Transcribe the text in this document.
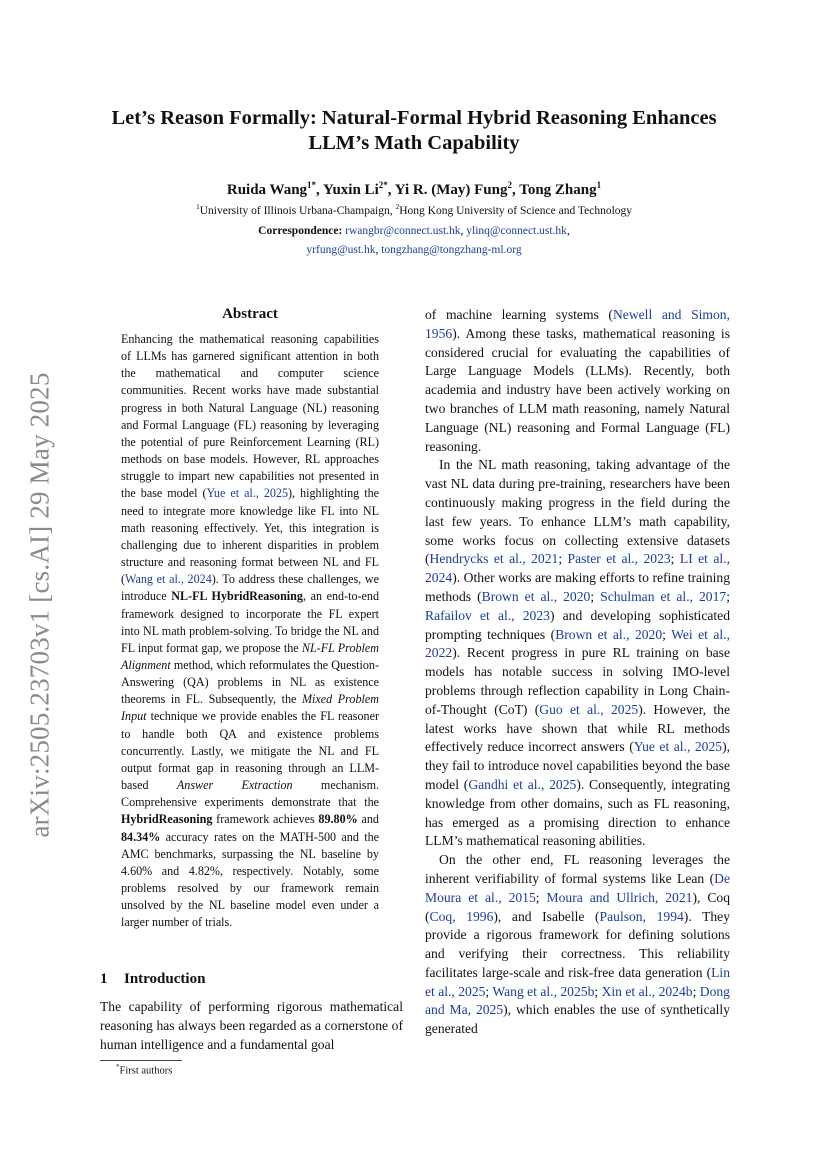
arXiv:2505.23703v1 [cs.AI] 29 May 2025
Let’s Reason Formally: Natural-Formal Hybrid Reasoning Enhances
LLM’s Math Capability
Ruida Wang$^{1*}$, Yuxin $Li^{2*}$, Yi R. (May) Fung$^2$, Tong Zhang$^1$
$^1$University of Illinois Urbana-Champaign, $^2$Hong Kong University of Science and Technology
Correspondence: rwangbr@connect.ust.hk, ylinq@connect.ust.hk,
yrfung@ust.hk, tongzhang@tongzhang-ml.org
Abstract
Enhancing the mathematical reasoning capabilities of LLMs has garnered significant attention in both the mathematical and computer science communities. Recent works have made substantial progress in both Natural Language (NL) reasoning and Formal Language (FL) reasoning by leveraging the potential of pure Reinforcement Learning (RL) methods on base models. However, RL approaches struggle to impart new capabilities not presented in the base model (Yue et al., 2025), highlighting the need to integrate more knowledge like FL into NL math reasoning effectively. Yet, this integration is challenging due to inherent disparities in problem structure and reasoning format between NL and FL (Wang et al., 2024). To address these challenges, we introduce NL-FL HybridReasoning, an end-to-end framework designed to incorporate the FL expert into NL math problem-solving. To bridge the NL and FL input format gap, we propose the NL-FL Problem Alignment method, which reformulates the Question-Answering (QA) problems in NL as existence theorems in FL. Subsequently, the Mixed Problem Input technique we provide enables the FL reasoner to handle both QA and existence problems concurrently. Lastly, we mitigate the NL and FL output format gap in reasoning through an LLM-based Answer Extraction mechanism. Comprehensive experiments demonstrate that the HybridReasoning framework achieves 89.80% and 84.34% accuracy rates on the MATH-500 and the AMC benchmarks, surpassing the NL baseline by 4.60% and 4.82%, respectively. Notably, some problems resolved by our framework remain unsolved by the NL baseline model even under a larger number of trials.
1 Introduction
The capability of performing rigorous mathematical reasoning has always been regarded as a cornerstone of human intelligence and a fundamental goal
*First authors

of machine learning systems (Newell and Simon, 1956). Among these tasks, mathematical reasoning is considered crucial for evaluating the capabilities of Large Language Models (LLMs). Recently, both academia and industry have been actively working on two branches of LLM math reasoning, namely Natural Language (NL) reasoning and Formal Language (FL) reasoning.

In the NL math reasoning, taking advantage of the vast NL data during pre-training, researchers have been continuously making progress in the field during the last few years. To enhance LLM’s math capability, some works focus on collecting extensive datasets (Hendrycks et al., 2021; Paster et al., 2023; LI et al., 2024). Other works are making efforts to refine training methods (Brown et al., 2020; Schulman et al., 2017; Rafailov et al., 2023) and developing sophisticated prompting techniques (Brown et al., 2020; Wei et al., 2022). Recent progress in pure RL training on base models has notable success in solving IMO-level problems through reflection capability in Long Chain-of-Thought (CoT) (Guo et al., 2025). However, the latest works have shown that while RL methods effectively reduce incorrect answers (Yue et al., 2025), they fail to introduce novel capabilities beyond the base model (Gandhi et al., 2025). Consequently, integrating knowledge from other domains, such as FL reasoning, has emerged as a promising direction to enhance LLM’s mathematical reasoning abilities.

On the other end, FL reasoning leverages the inherent verifiability of formal systems like Lean (De Moura et al., 2015; Moura and Ullrich, 2021), Coq (Coq, 1996), and Isabelle (Paulson, 1994). They provide a rigorous framework for defining solutions and verifying their correctness. This reliability facilitates large-scale and risk-free data generation (Lin et al., 2025; Wang et al., 2025b; Xin et al., 2024b; Dong and Ma, 2025), which enables the use of synthetically generated
